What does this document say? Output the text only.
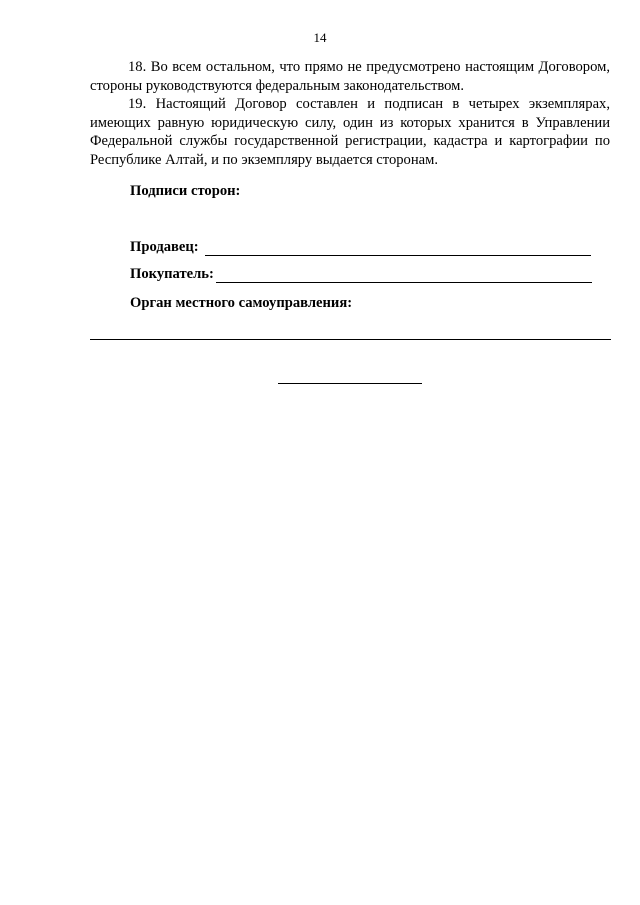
14

18. Во всем остальном, что прямо не предусмотрено настоящим Договором, стороны руководствуются федеральным законодательством.

19. Настоящий Договор составлен и подписан в четырех экземплярах, имеющих равную юридическую силу, один из которых хранится в Управлении Федеральной службы государственной регистрации, кадастра и картографии по Республике Алтай, и по экземпляру выдается сторонам.

Подписи сторон:
Продавец:
Покупатель:
Орган местного самоуправления:
